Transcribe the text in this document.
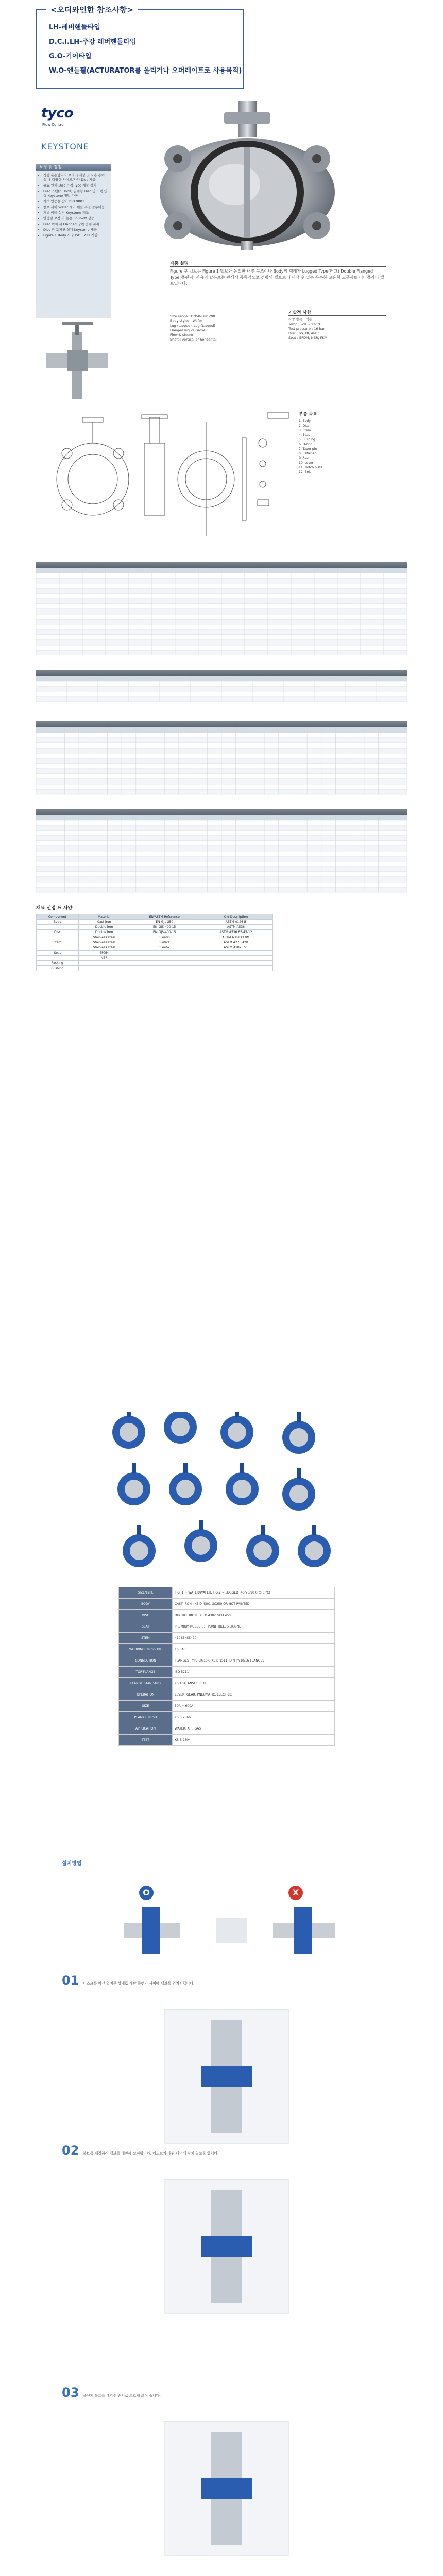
<오더와인한 참조사항>
LH-레버핸들타입
D.C.I.LH-주강 레버핸들타입
G.O-기어타입
W.O-엔들휠(ACTURATOR를 올리거나 오퍼레이트로 사용목적)
tyco
Flow Control
KEYSTONE
특징 및 장점
• 경량 운용합니다 보다 경제성 및 사용 용이성 대 다양한 사이즈/사양 Disc 제공
• 유효 인치 Disc 가격 Tyco 제품 장치
• Disc 스템(스 Tooll) 일체형 Disc 및 스템 연결 Keystone 정밀 가공
• 자격 인증을 받아 ISO 9001
• 밸브 사이 Wafer 레버 핸들 주철 알루미늄
• 개별 비례 설정 Keystone 제조
• 양방향 보장 가 높은 Shut-off 성능
• Disc 위치 시 Flanged 양면 전체 지지
• Disc 핀 포지션 설계 Keystone 제공
• Figure 1 Body 사양 ISO 5211 적합
제품 설명

Figure 구 벨브는 Figure 1 벨브와 동일한 내부 구조이나 Body의 형태가 Lugged Type(러그) Double Flanged Type(플랜지) 사용의 탑분포는 관세서 동류적으로 경량의 벨브로 내세장 수 있는 우수한 고온형 고무시트 버터플라이 밸브입니다.

Size range : DN50-DN1200
Body styles : Wafer
Lug (tapped), Lug (tapped)
Flanged lug vs Grove
Flow & steam
Shaft : vertical or horizontal
기술적 사항
사양 항목 : 적용
Temp : -29 ~ 120°C
Test pressure : 16 bar
Disc : SS, DI, Al-Br
Seat : EPDM, NBR, FKM
부품 목록
1. Body
2. Disc
3. Stem
4. Seat
5. Bushing
6. O-ring
7. Taper pin
8. Retainer
9. Seal
10. Lever
11. Notch plate
12. Bolt
재료 선정 표 사양
Component	Material	EN/ASTM Reference	Old Description
Body	Cast iron	EN-GJL-250	ASTM A126 B
	Ductile iron	EN-GJS-400-15	ASTM A536
Disc	Ductile iron	EN-GJS-400-15	ASTM A536 65-45-12
	Stainless steel	1.4408	ASTM A351 CF8M
Stem	Stainless steel	1.4021	ASTM A276 420
	Stainless steel	1.4462	ASTM A182 F51
Seat	EPDM		
	NBR		
Packing			
Bushing			
SIZE/TYPE	FIG. 1 ~ WATER/WAFER, FIG.2 ~ LUGGED (40/70/90 0 to 0 °C)
BODY	CAST IRON : KS D 4301 GC250 OR HOT PAINTED
DISC	DUCTILE IRON : KS D 4302 GCD 450
SEAT	PREMIUM RUBBER : TPU/NITRILE, SILICONE
STEM	410SS (SS420)
WORKING PRESSURE	16 BAR
CONNECTION	FLANGES TYPE 5K/10K, KS B 1511, DIN PN10/16 FLANGES
TOP FLANGE	ISO 5211
FLANGE STANDARD	KS 10K, ANSI 150LB
OPERATION	LEVER, GEAR, PNEUMATIC, ELECTRIC
SIZE	50A ~ 600A
PLANIO FRESH	KS B 2366
APPLICATION	WATER, AIR, GAS
TEST	KS B 2304
설치방법
O	X
01 디스크를 약간 열어둔 상태로 배관 플랜지 사이에 밸브를 위치시킵니다.
02 볼트를 체결하여 밸브를 배관에 고정합니다. 디스크가 배관 내벽에 닿지 않도록 합니다.
03 플랜지 볼트를 대각선 순서로 고르게 조여 줍니다.
